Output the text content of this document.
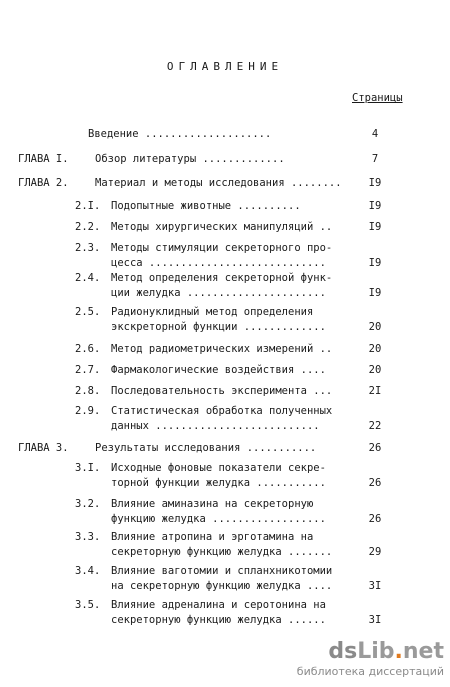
ОГЛАВЛЕНИЕ
Страницы
Введение ....................	4
ГЛАВА I.	Обзор литературы .............	7
ГЛАВА 2.	Материал и методы исследования ........	I9
2.I. Подопытные животные ..........	I9
2.2. Методы хирургических манипуляций ..	I9
2.3. Методы стимуляции секреторного про-
цесса ............................	I9
2.4. Метод определения секреторной функ-
ции желудка ......................	I9
2.5. Радионуклидный метод определения
экскреторной функции .............	20
2.6. Метод радиометрических измерений ..	20
2.7. Фармакологические воздействия ....	20
2.8. Последовательность эксперимента ...	2I
2.9. Статистическая обработка полученных
данных ..........................	22
ГЛАВА 3.	Результаты исследования ...........	26
3.I. Исходные фоновые показатели секре-
торной функции желудка ...........	26
3.2. Влияние аминазина на секреторную
функцию желудка ..................	26
3.3. Влияние атропина и эрготамина на
секреторную функцию желудка .......	29
3.4. Влияние ваготомии и спланхникотомии
на секреторную функцию желудка ....	3I
3.5. Влияние адреналина и серотонина на
секреторную функцию желудка ......	3I
dsLib.net
библиотека диссертаций
